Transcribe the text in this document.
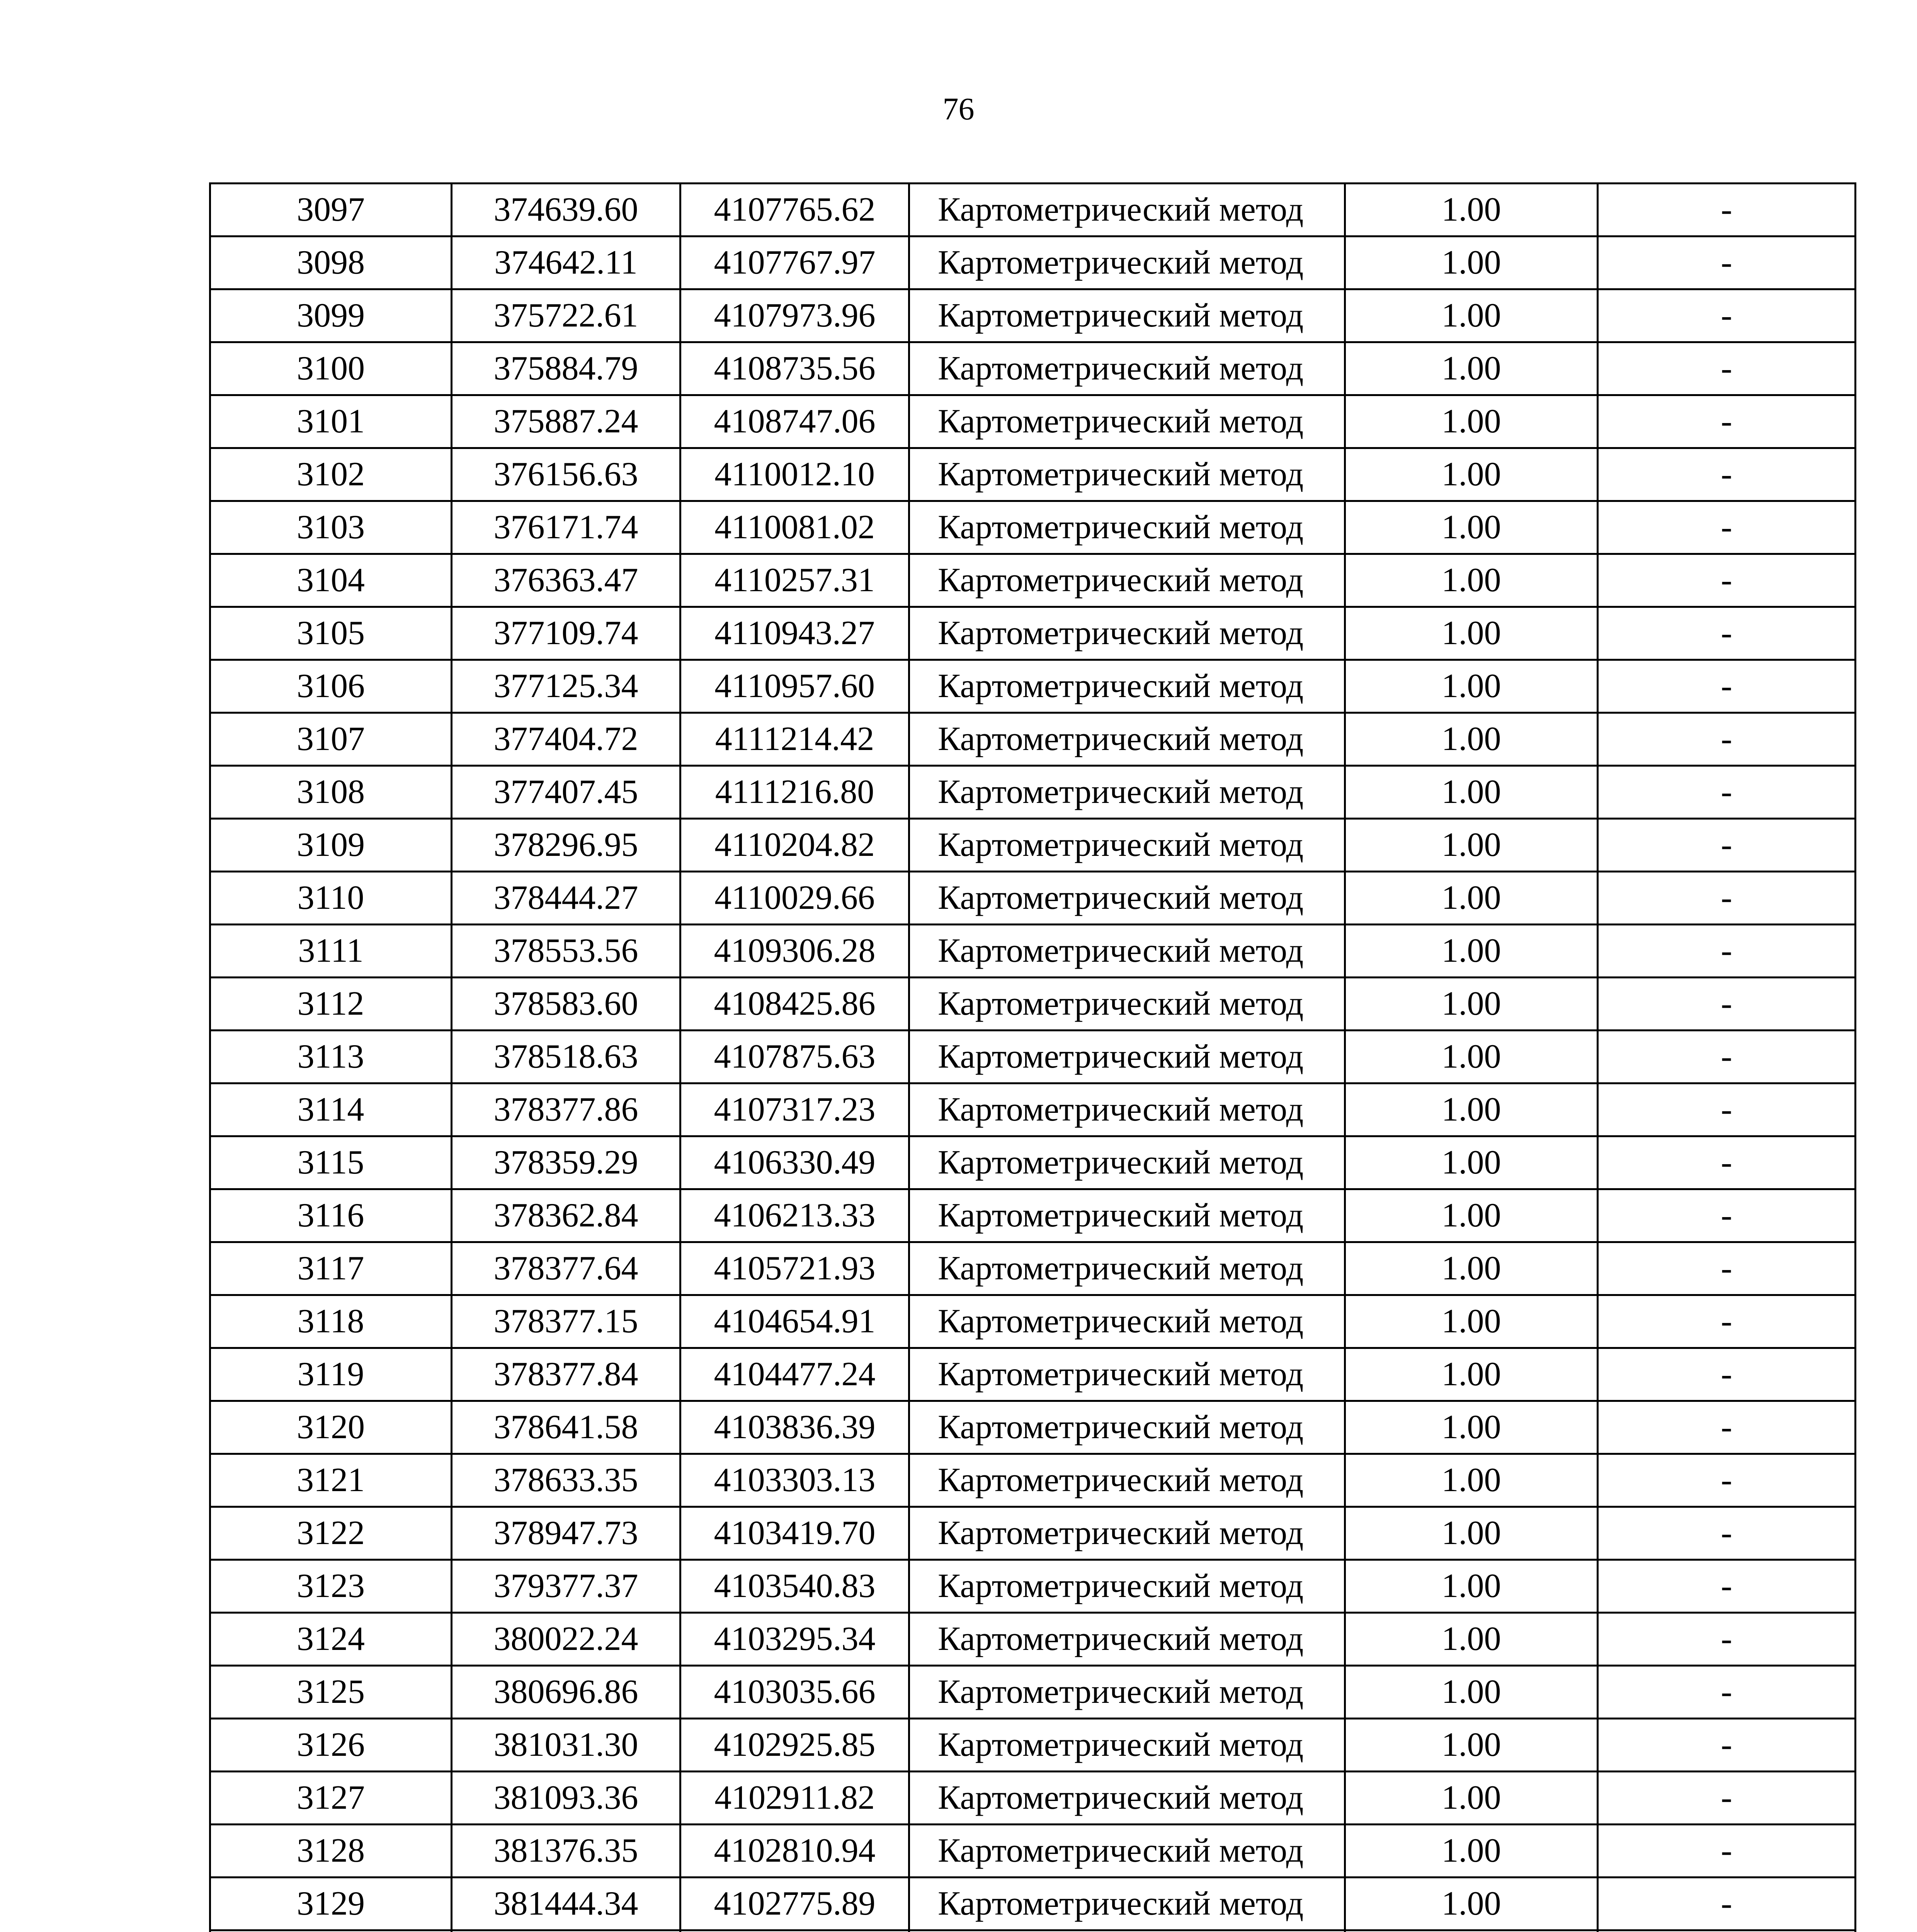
76
3097	374639.60	4107765.62	Картометрический метод	1.00	-
3098	374642.11	4107767.97	Картометрический метод	1.00	-
3099	375722.61	4107973.96	Картометрический метод	1.00	-
3100	375884.79	4108735.56	Картометрический метод	1.00	-
3101	375887.24	4108747.06	Картометрический метод	1.00	-
3102	376156.63	4110012.10	Картометрический метод	1.00	-
3103	376171.74	4110081.02	Картометрический метод	1.00	-
3104	376363.47	4110257.31	Картометрический метод	1.00	-
3105	377109.74	4110943.27	Картометрический метод	1.00	-
3106	377125.34	4110957.60	Картометрический метод	1.00	-
3107	377404.72	4111214.42	Картометрический метод	1.00	-
3108	377407.45	4111216.80	Картометрический метод	1.00	-
3109	378296.95	4110204.82	Картометрический метод	1.00	-
3110	378444.27	4110029.66	Картометрический метод	1.00	-
3111	378553.56	4109306.28	Картометрический метод	1.00	-
3112	378583.60	4108425.86	Картометрический метод	1.00	-
3113	378518.63	4107875.63	Картометрический метод	1.00	-
3114	378377.86	4107317.23	Картометрический метод	1.00	-
3115	378359.29	4106330.49	Картометрический метод	1.00	-
3116	378362.84	4106213.33	Картометрический метод	1.00	-
3117	378377.64	4105721.93	Картометрический метод	1.00	-
3118	378377.15	4104654.91	Картометрический метод	1.00	-
3119	378377.84	4104477.24	Картометрический метод	1.00	-
3120	378641.58	4103836.39	Картометрический метод	1.00	-
3121	378633.35	4103303.13	Картометрический метод	1.00	-
3122	378947.73	4103419.70	Картометрический метод	1.00	-
3123	379377.37	4103540.83	Картометрический метод	1.00	-
3124	380022.24	4103295.34	Картометрический метод	1.00	-
3125	380696.86	4103035.66	Картометрический метод	1.00	-
3126	381031.30	4102925.85	Картометрический метод	1.00	-
3127	381093.36	4102911.82	Картометрический метод	1.00	-
3128	381376.35	4102810.94	Картометрический метод	1.00	-
3129	381444.34	4102775.89	Картометрический метод	1.00	-
